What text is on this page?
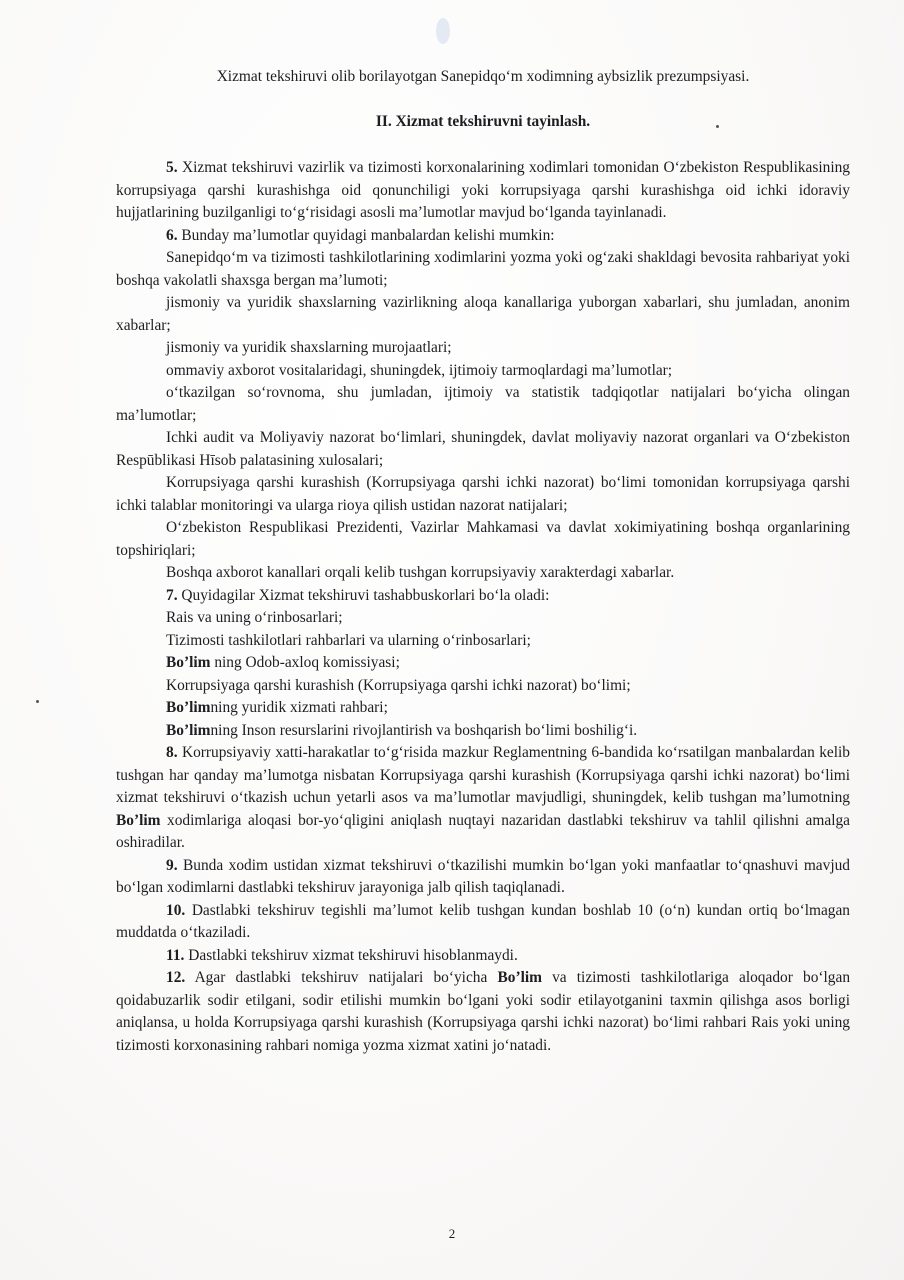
Xizmat tekshiruvi olib borilayotgan Sanepidqo‘m xodimning aybsizlik prezumpsiyasi.

II. Xizmat tekshiruvni tayinlash.

5. Xizmat tekshiruvi vazirlik va tizimosti korxonalarining xodimlari tomonidan O‘zbekiston Respublikasining korrupsiyaga qarshi kurashishga oid qonunchiligi yoki korrupsiyaga qarshi kurashishga oid ichki idoraviy hujjatlarining buzilganligi to‘g‘risidagi asosli ma’lumotlar mavjud bo‘lganda tayinlanadi.

6. Bunday ma’lumotlar quyidagi manbalardan kelishi mumkin:

Sanepidqo‘m va tizimosti tashkilotlarining xodimlarini yozma yoki og‘zaki shakldagi bevosita rahbariyat yoki boshqa vakolatli shaxsga bergan ma’lumoti;

jismoniy va yuridik shaxslarning vazirlikning aloqa kanallariga yuborgan xabarlari, shu jumladan, anonim xabarlar;

jismoniy va yuridik shaxslarning murojaatlari;

ommaviy axborot vositalaridagi, shuningdek, ijtimoiy tarmoqlardagi ma’lumotlar;

o‘tkazilgan so‘rovnoma, shu jumladan, ijtimoiy va statistik tadqiqotlar natijalari bo‘yicha olingan ma’lumotlar;

Ichki audit va Moliyaviy nazorat bo‘limlari, shuningdek, davlat moliyaviy nazorat organlari va O‘zbekiston Respūblikasi Hīsob palatasining xulosalari;

Korrupsiyaga qarshi kurashish (Korrupsiyaga qarshi ichki nazorat) bo‘limi tomonidan korrupsiyaga qarshi ichki talablar monitoringi va ularga rioya qilish ustidan nazorat natijalari;

O‘zbekiston Respublikasi Prezidenti, Vazirlar Mahkamasi va davlat xokimiyatining boshqa organlarining topshiriqlari;

Boshqa axborot kanallari orqali kelib tushgan korrupsiyaviy xarakterdagi xabarlar.

7. Quyidagilar Xizmat tekshiruvi tashabbuskorlari bo‘la oladi:

Rais va uning o‘rinbosarlari;

Tizimosti tashkilotlari rahbarlari va ularning o‘rinbosarlari;

Bo’lim ning Odob-axloq komissiyasi;

Korrupsiyaga qarshi kurashish (Korrupsiyaga qarshi ichki nazorat) bo‘limi;

Bo’limning yuridik xizmati rahbari;

Bo’limning Inson resurslarini rivojlantirish va boshqarish bo‘limi boshilig‘i.

8. Korrupsiyaviy xatti-harakatlar to‘g‘risida mazkur Reglamentning 6-bandida ko‘rsatilgan manbalardan kelib tushgan har qanday ma’lumotga nisbatan Korrupsiyaga qarshi kurashish (Korrupsiyaga qarshi ichki nazorat) bo‘limi xizmat tekshiruvi o‘tkazish uchun yetarli asos va ma’lumotlar mavjudligi, shuningdek, kelib tushgan ma’lumotning Bo’lim xodimlariga aloqasi bor-yo‘qligini aniqlash nuqtayi nazaridan dastlabki tekshiruv va tahlil qilishni amalga oshiradilar.

9. Bunda xodim ustidan xizmat tekshiruvi o‘tkazilishi mumkin bo‘lgan yoki manfaatlar to‘qnashuvi mavjud bo‘lgan xodimlarni dastlabki tekshiruv jarayoniga jalb qilish taqiqlanadi.

10. Dastlabki tekshiruv tegishli ma’lumot kelib tushgan kundan boshlab 10 (o‘n) kundan ortiq bo‘lmagan muddatda o‘tkaziladi.

11. Dastlabki tekshiruv xizmat tekshiruvi hisoblanmaydi.

12. Agar dastlabki tekshiruv natijalari bo‘yicha Bo’lim va tizimosti tashkilotlariga aloqador bo‘lgan qoidabuzarlik sodir etilgani, sodir etilishi mumkin bo‘lgani yoki sodir etilayotganini taxmin qilishga asos borligi aniqlansa, u holda Korrupsiyaga qarshi kurashish (Korrupsiyaga qarshi ichki nazorat) bo‘limi rahbari Rais yoki uning tizimosti korxonasining rahbari nomiga yozma xizmat xatini jo‘natadi.

2
